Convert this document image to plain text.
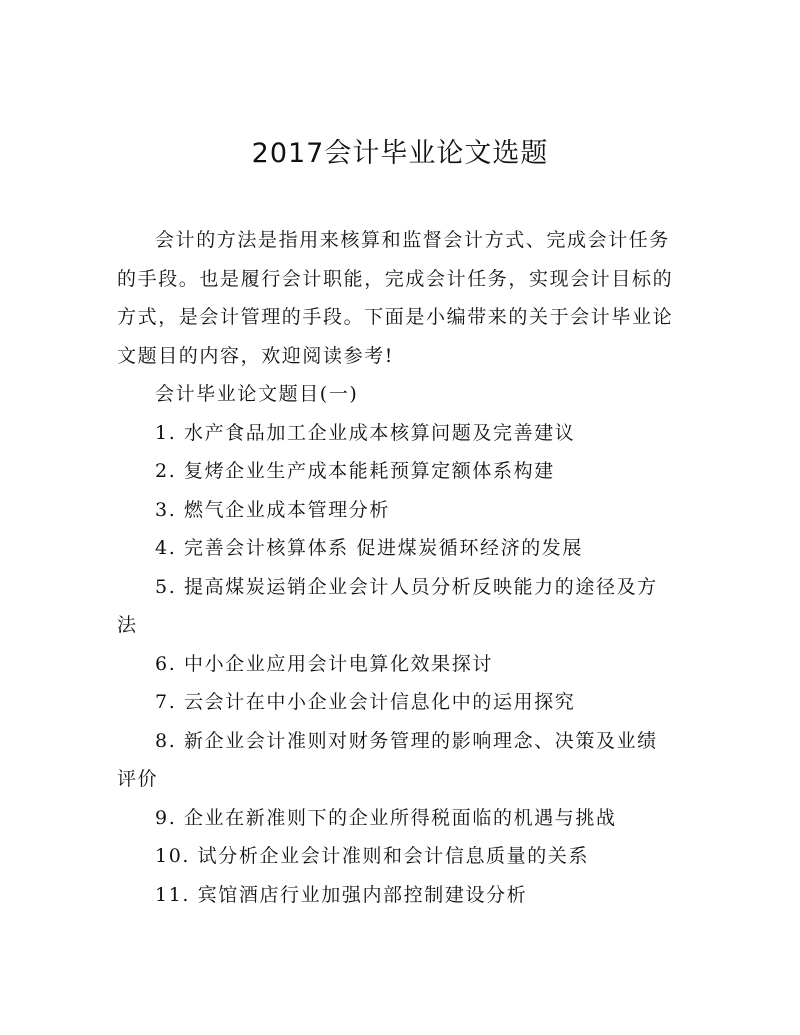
2017会计毕业论文选题

会计的方法是指用来核算和监督会计方式、完成会计任务的手段。也是履行会计职能，完成会计任务，实现会计目标的方式，是会计管理的手段。下面是小编带来的关于会计毕业论文题目的内容，欢迎阅读参考!

会计毕业论文题目(一)

1. 水产食品加工企业成本核算问题及完善建议

2. 复烤企业生产成本能耗预算定额体系构建

3. 燃气企业成本管理分析

4. 完善会计核算体系 促进煤炭循环经济的发展

5. 提高煤炭运销企业会计人员分析反映能力的途径及方法

6. 中小企业应用会计电算化效果探讨

7. 云会计在中小企业会计信息化中的运用探究

8. 新企业会计准则对财务管理的影响理念、决策及业绩评价

9. 企业在新准则下的企业所得税面临的机遇与挑战

10. 试分析企业会计准则和会计信息质量的关系

11. 宾馆酒店行业加强内部控制建设分析
